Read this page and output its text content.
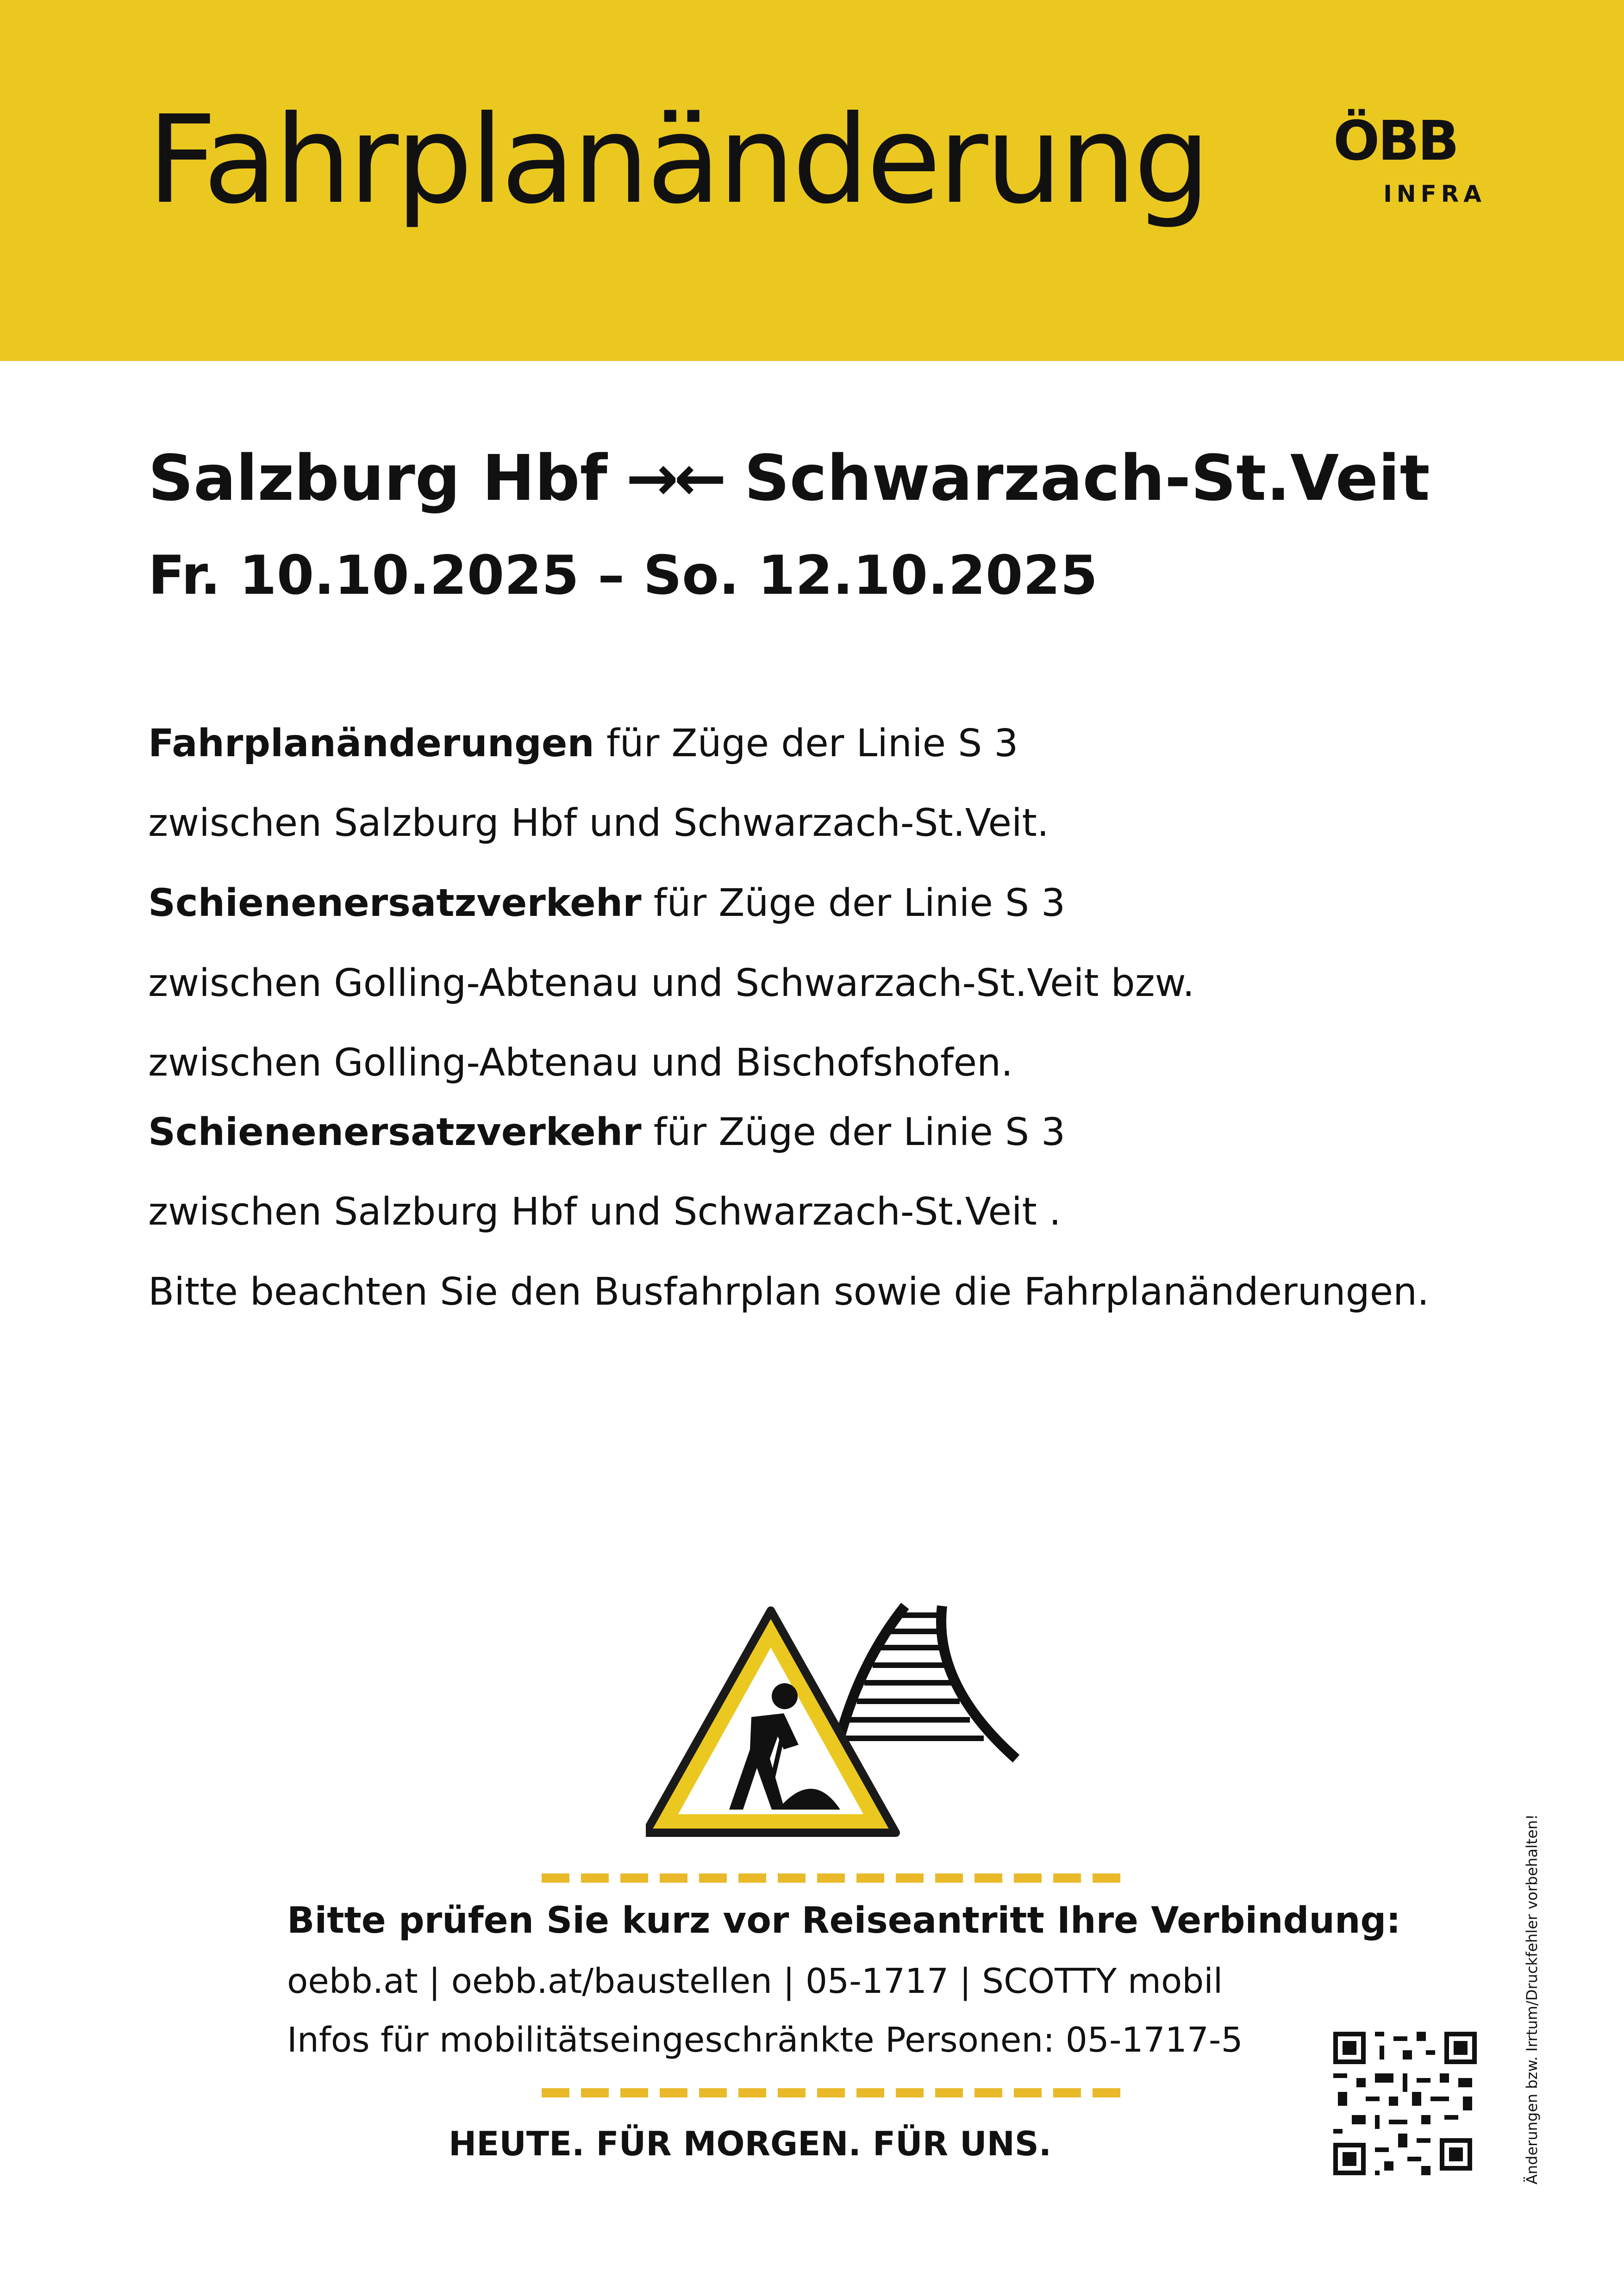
Fahrplanänderung ÖBB
INFRA
Salzburg Hbf →← Schwarzach-St.Veit
Fr. 10.10.2025 – So. 12.10.2025
Fahrplanänderungen für Züge der Linie S 3
zwischen Salzburg Hbf und Schwarzach-St.Veit.
Schienenersatzverkehr für Züge der Linie S 3
zwischen Golling-Abtenau und Schwarzach-St.Veit bzw.
zwischen Golling-Abtenau und Bischofshofen.
Schienenersatzverkehr für Züge der Linie S 3
zwischen Salzburg Hbf und Schwarzach-St.Veit .
Bitte beachten Sie den Busfahrplan sowie die Fahrplanänderungen.
Bitte prüfen Sie kurz vor Reiseantritt Ihre Verbindung:
oebb.at | oebb.at/baustellen | 05-1717 | SCOTTY mobil
Infos für mobilitätseingeschränkte Personen: 05-1717-5
HEUTE. FÜR MORGEN. FÜR UNS.	Änderungen bzw. Irrtum/Druckfehler vorbehalten!
